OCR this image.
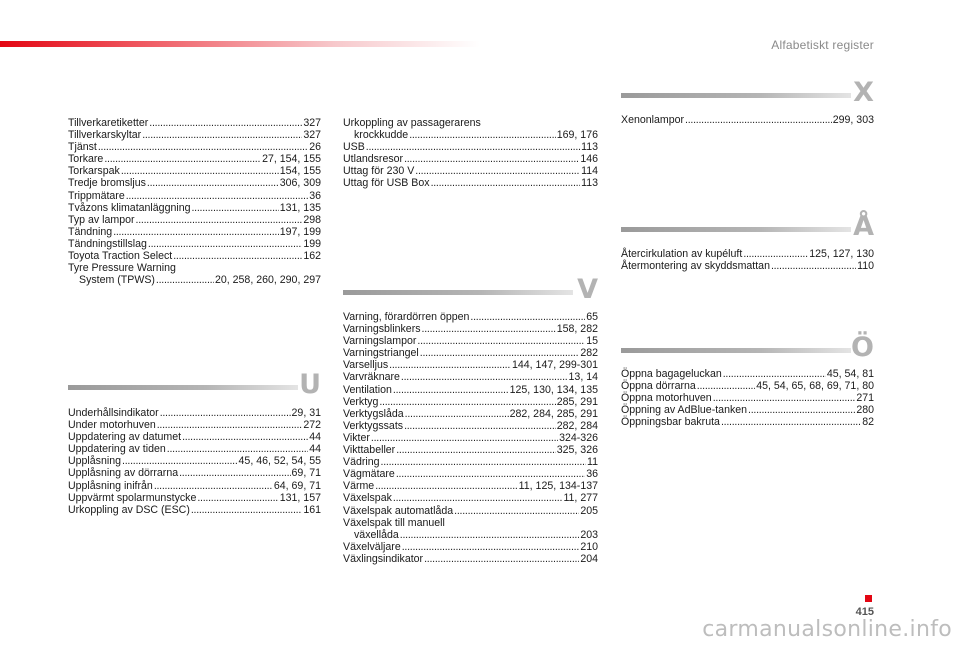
Alfabetiskt register
Tillverkaretiketter . . .	327
Tillverkarskyltar . . .	327
Tjänst . . .	26
Torkare . . .	27, 154, 155
Torkarspak . . .	154, 155
Tredje bromsljus . . .	306, 309
Trippmätare . . .	36
Tvåzons klimatanläggning . . .	131, 135
Typ av lampor . . .	298
Tändning . . .	197, 199
Tändningstillslag . . .	199
Toyota Traction Select . . .	162
Tyre Pressure Warning
System (TPWS) . . .	20, 258, 260, 290, 297
U
Underhållsindikator . . .	29, 31
Under motorhuven . . .	272
Uppdatering av datumet . . .	44
Uppdatering av tiden . . .	44
Upplåsning . . .	45, 46, 52, 54, 55
Upplåsning av dörrarna . . .	69, 71
Upplåsning inifrån . . .	64, 69, 71
Uppvärmt spolarmunstycke . . .	131, 157
Urkoppling av DSC (ESC) . . .	161
Urkoppling av passagerarens
krockkudde . . .	169, 176
USB . . .	113
Utlandsresor . . .	146
Uttag för 230 V . . .	114
Uttag för USB Box . . .	113
V
Varning, förardörren öppen . . .	65
Varningsblinkers . . .	158, 282
Varningslampor . . .	15
Varningstriangel . . .	282
Varselljus . . .	144, 147, 299-301
Varvräknare . . .	13, 14
Ventilation . . .	125, 130, 134, 135
Verktyg . . .	285, 291
Verktygslåda . . .	282, 284, 285, 291
Verktygssats . . .	282, 284
Vikter . . .	324-326
Vikttabeller . . .	325, 326
Vädring . . .	11
Vägmätare . . .	36
Värme . . .	11, 125, 134-137
Växelspak . . .	11, 277
Växelspak automatlåda . . .	205
Växelspak till manuell
växellåda . . .	203
Växelväljare . . .	210
Växlingsindikator . . .	204
X
Xenonlampor . . .	299, 303
Å
Återcirkulation av kupéluft . . .	125, 127, 130
Återmontering av skyddsmattan . . .	110
Ö
Öppna bagageluckan . . .	45, 54, 81
Öppna dörrarna . . .	45, 54, 65, 68, 69, 71, 80
Öppna motorhuven . . .	271
Öppning av AdBlue-tanken . . .	280
Öppningsbar bakruta . . .	82
415
carmanualsonline.info
